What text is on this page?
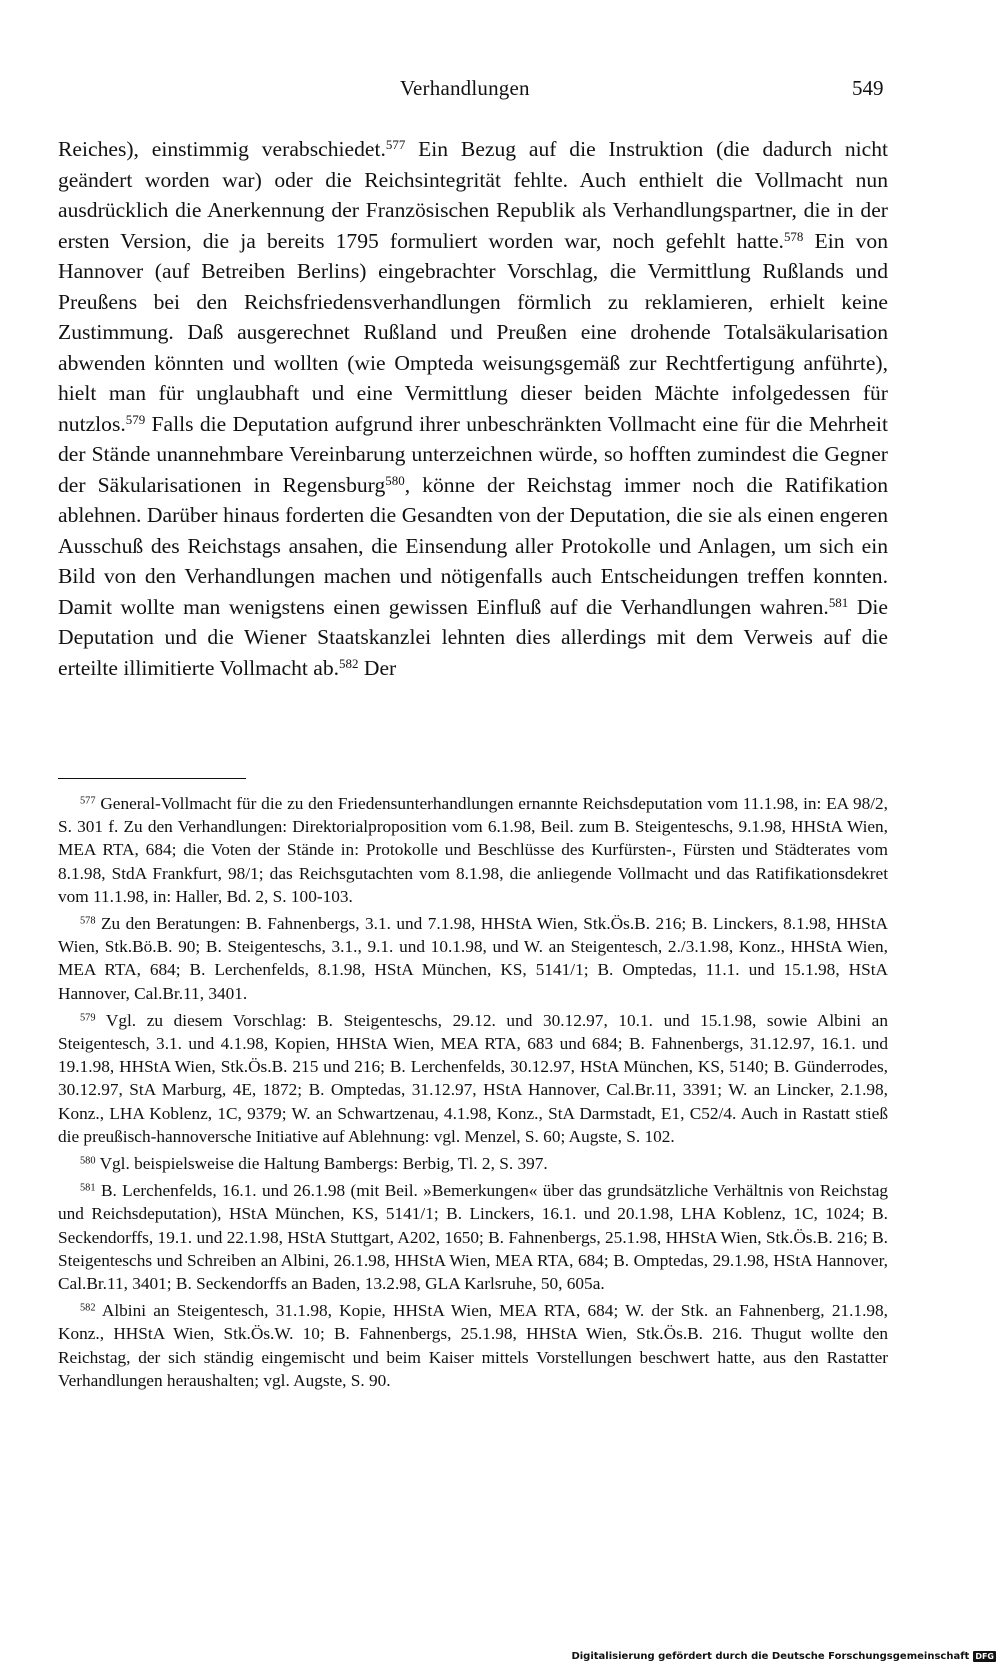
Verhandlungen	549

Reiches), einstimmig verabschiedet.$^{577}$ Ein Bezug auf die Instruktion (die dadurch nicht geändert worden war) oder die Reichsintegrität fehlte. Auch enthielt die Vollmacht nun ausdrücklich die Anerkennung der Französischen Republik als Verhandlungspartner, die in der ersten Version, die ja bereits 1795 formuliert worden war, noch gefehlt hatte.$^{578}$ Ein von Hannover (auf Betreiben Berlins) eingebrachter Vorschlag, die Vermittlung Rußlands und Preußens bei den Reichsfriedensverhandlungen förmlich zu reklamieren, erhielt keine Zustimmung. Daß ausgerechnet Rußland und Preußen eine drohende Totalsäkularisation abwenden könnten und wollten (wie Ompteda weisungsgemäß zur Rechtfertigung anführte), hielt man für unglaubhaft und eine Vermittlung dieser beiden Mächte infolgedessen für nutzlos.$^{579}$ Falls die Deputation aufgrund ihrer unbeschränkten Vollmacht eine für die Mehrheit der Stände unannehmbare Vereinbarung unterzeichnen würde, so hofften zumindest die Gegner der Säkularisationen in Regensburg$^{580}$, könne der Reichstag immer noch die Ratifikation ablehnen. Darüber hinaus forderten die Gesandten von der Deputation, die sie als einen engeren Ausschuß des Reichstags ansahen, die Einsendung aller Protokolle und Anlagen, um sich ein Bild von den Verhandlungen machen und nötigenfalls auch Entscheidungen treffen konnten. Damit wollte man wenigstens einen gewissen Einfluß auf die Verhandlungen wahren.$^{581}$ Die Deputation und die Wiener Staatskanzlei lehnten dies allerdings mit dem Verweis auf die erteilte illimitierte Vollmacht ab.$^{582}$ Der

$^{577}$ General-Vollmacht für die zu den Friedensunterhandlungen ernannte Reichsdeputation vom 11.1.98, in: EA 98/2, S. 301 f. Zu den Verhandlungen: Direktorialproposition vom 6.1.98, Beil. zum B. Steigenteschs, 9.1.98, HHStA Wien, MEA RTA, 684; die Voten der Stände in: Protokolle und Beschlüsse des Kurfürsten-, Fürsten und Städterates vom 8.1.98, StdA Frankfurt, 98/1; das Reichsgutachten vom 8.1.98, die anliegende Vollmacht und das Ratifikationsdekret vom 11.1.98, in: Haller, Bd. 2, S. 100-103.

$^{578}$ Zu den Beratungen: B. Fahnenbergs, 3.1. und 7.1.98, HHStA Wien, Stk.Ös.B. 216; B. Linckers, 8.1.98, HHStA Wien, Stk.Bö.B. 90; B. Steigenteschs, 3.1., 9.1. und 10.1.98, und W. an Steigentesch, 2./3.1.98, Konz., HHStA Wien, MEA RTA, 684; B. Lerchenfelds, 8.1.98, HStA München, KS, 5141/1; B. Omptedas, 11.1. und 15.1.98, HStA Hannover, Cal.Br.11, 3401.

$^{579}$ Vgl. zu diesem Vorschlag: B. Steigenteschs, 29.12. und 30.12.97, 10.1. und 15.1.98, sowie Albini an Steigentesch, 3.1. und 4.1.98, Kopien, HHStA Wien, MEA RTA, 683 und 684; B. Fahnenbergs, 31.12.97, 16.1. und 19.1.98, HHStA Wien, Stk.Ös.B. 215 und 216; B. Lerchenfelds, 30.12.97, HStA München, KS, 5140; B. Günderrodes, 30.12.97, StA Marburg, 4E, 1872; B. Omptedas, 31.12.97, HStA Hannover, Cal.Br.11, 3391; W. an Lincker, 2.1.98, Konz., LHA Koblenz, 1C, 9379; W. an Schwartzenau, 4.1.98, Konz., StA Darmstadt, E1, C52/4. Auch in Rastatt stieß die preußisch-hannoversche Initiative auf Ablehnung: vgl. Menzel, S. 60; Augste, S. 102.

$^{580}$ Vgl. beispielsweise die Haltung Bambergs: Berbig, Tl. 2, S. 397.

$^{581}$ B. Lerchenfelds, 16.1. und 26.1.98 (mit Beil. »Bemerkungen« über das grundsätzliche Verhältnis von Reichstag und Reichsdeputation), HStA München, KS, 5141/1; B. Linckers, 16.1. und 20.1.98, LHA Koblenz, 1C, 1024; B. Seckendorffs, 19.1. und 22.1.98, HStA Stuttgart, A202, 1650; B. Fahnenbergs, 25.1.98, HHStA Wien, Stk.Ös.B. 216; B. Steigenteschs und Schreiben an Albini, 26.1.98, HHStA Wien, MEA RTA, 684; B. Omptedas, 29.1.98, HStA Hannover, Cal.Br.11, 3401; B. Seckendorffs an Baden, 13.2.98, GLA Karlsruhe, 50, 605a.

$^{582}$ Albini an Steigentesch, 31.1.98, Kopie, HHStA Wien, MEA RTA, 684; W. der Stk. an Fahnenberg, 21.1.98, Konz., HHStA Wien, Stk.Ös.W. 10; B. Fahnenbergs, 25.1.98, HHStA Wien, Stk.Ös.B. 216. Thugut wollte den Reichstag, der sich ständig eingemischt und beim Kaiser mittels Vorstellungen beschwert hatte, aus den Rastatter Verhandlungen heraushalten; vgl. Augste, S. 90.

Digitalisierung gefördert durch die Deutsche Forschungsgemeinschaft DFG
